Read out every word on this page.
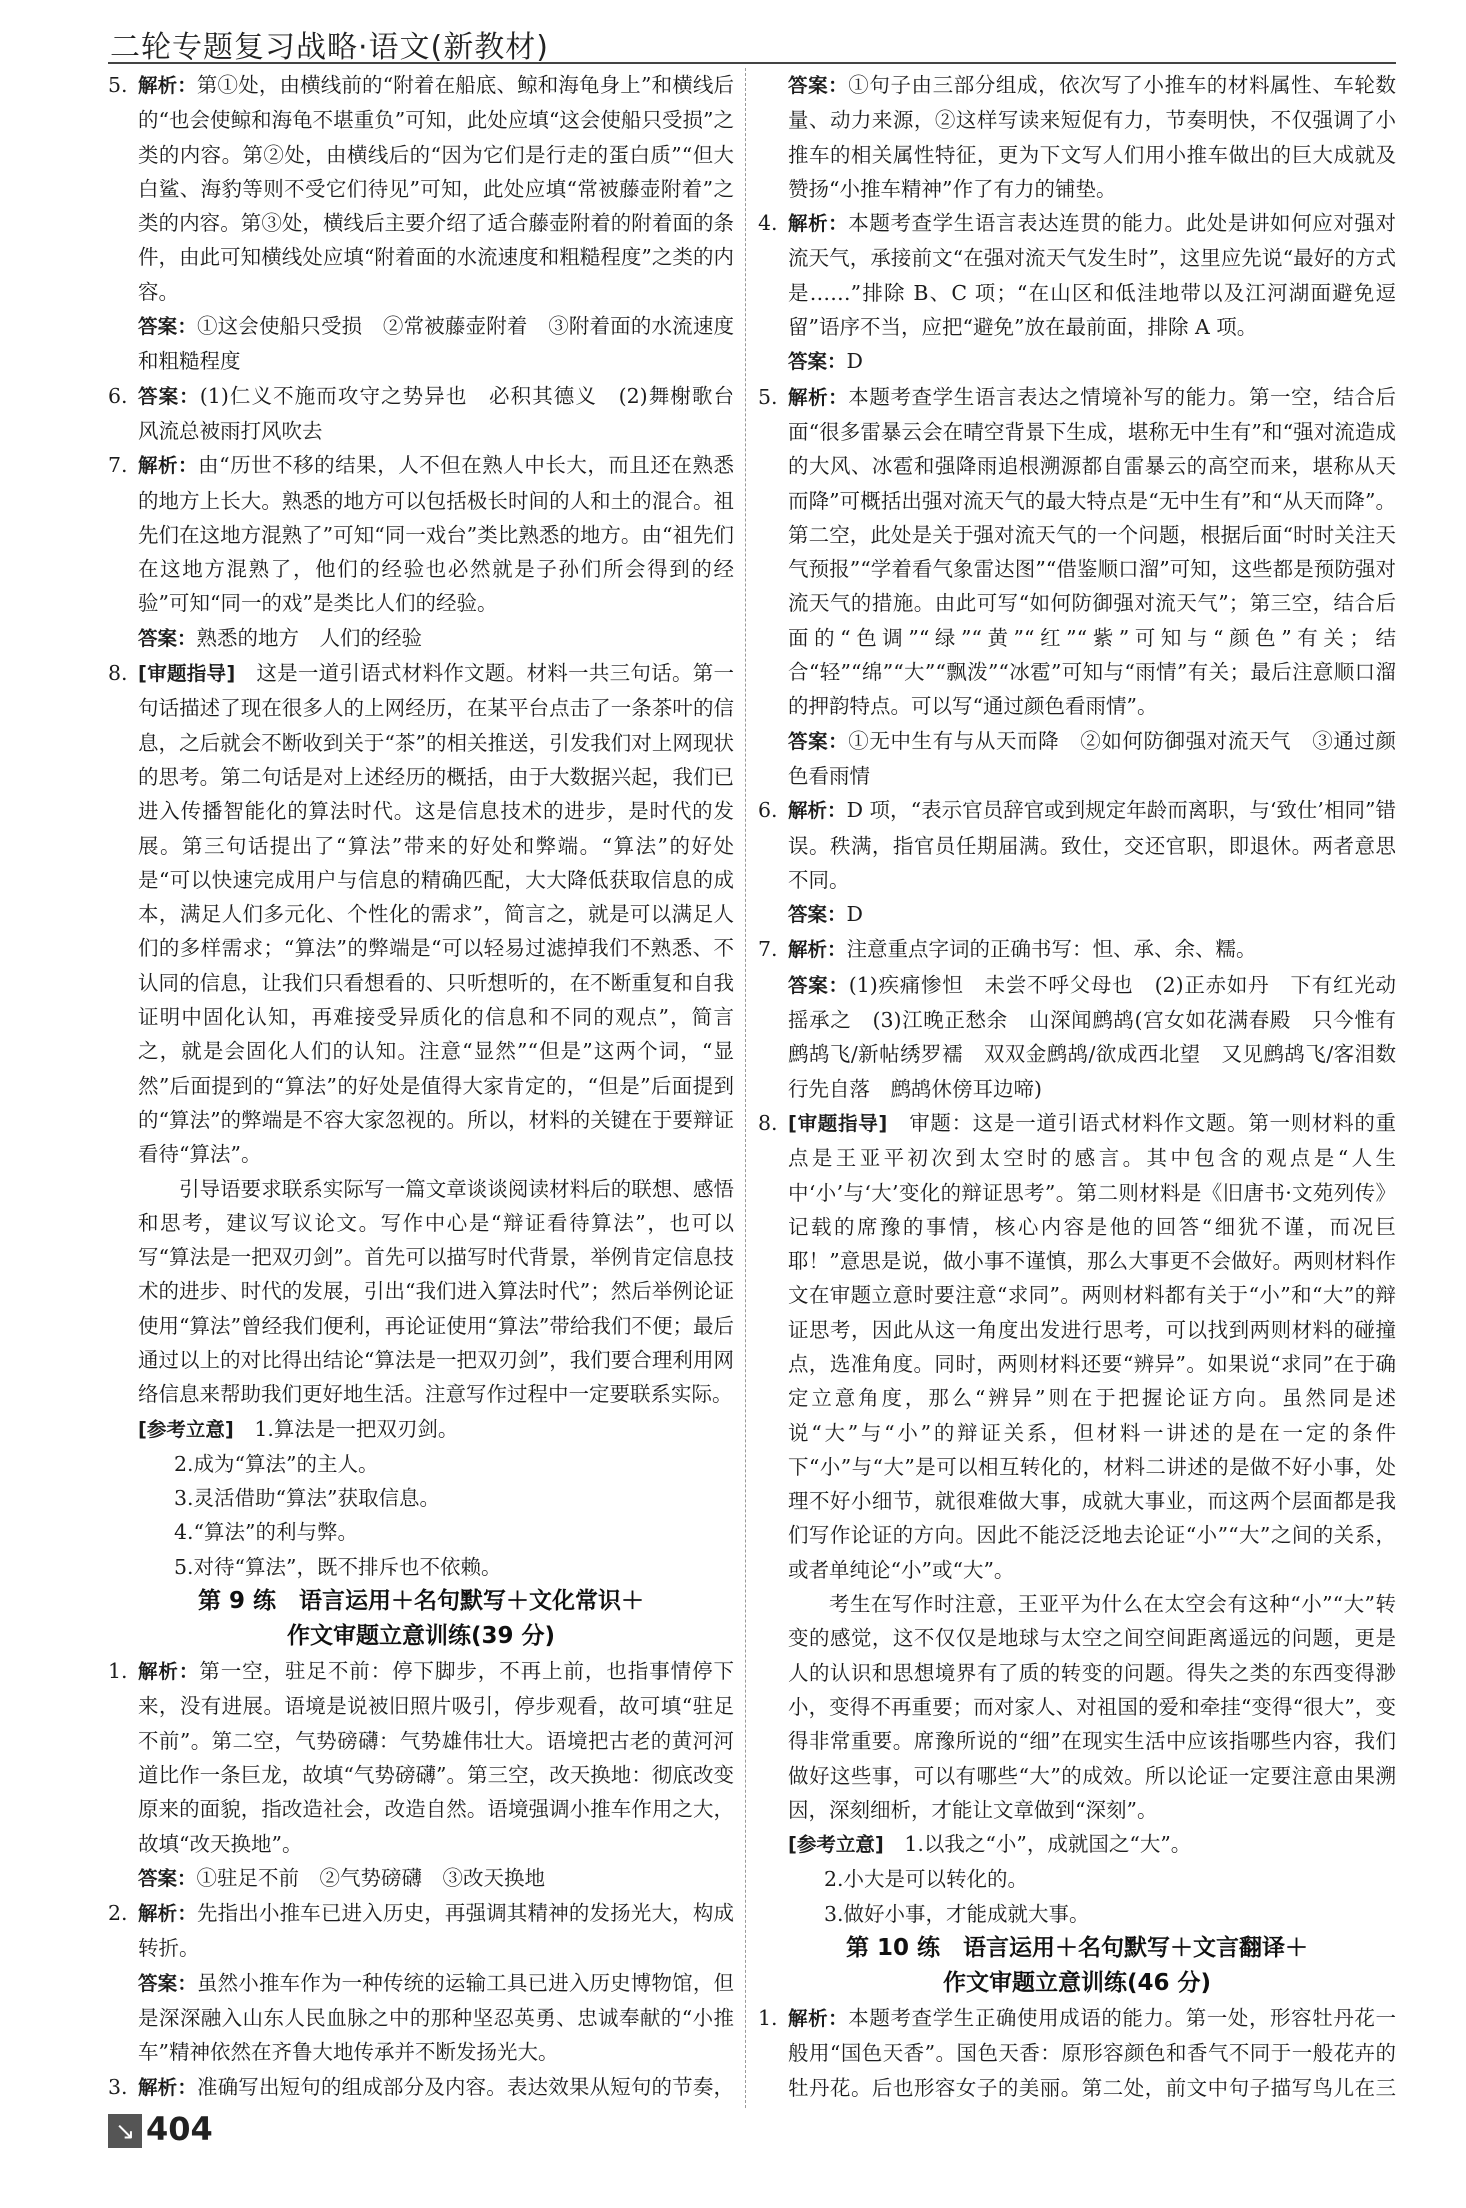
二轮专题复习战略·语文(新教材)
5. 解析：第①处，由横线前的“附着在船底、鲸和海龟身上”和横线后的“也会使鲸和海龟不堪重负”可知，此处应填“这会使船只受损”之类的内容。第②处，由横线后的“因为它们是行走的蛋白质”“但大白鲨、海豹等则不受它们待见”可知，此处应填“常被藤壶附着”之类的内容。第③处，横线后主要介绍了适合藤壶附着的附着面的条件，由此可知横线处应填“附着面的水流速度和粗糙程度”之类的内容。
答案：①这会使船只受损　②常被藤壶附着　③附着面的水流速度和粗糙程度
6. 答案：(1)仁义不施而攻守之势异也　必积其德义　(2)舞榭歌台　风流总被雨打风吹去
7. 解析：由“历世不移的结果，人不但在熟人中长大，而且还在熟悉的地方上长大。熟悉的地方可以包括极长时间的人和土的混合。祖先们在这地方混熟了”可知“同一戏台”类比熟悉的地方。由“祖先们在这地方混熟了，他们的经验也必然就是子孙们所会得到的经验”可知“同一的戏”是类比人们的经验。
答案：熟悉的地方　人们的经验
8. [审题指导]　 这是一道引语式材料作文题。材料一共三句话。第一句话描述了现在很多人的上网经历，在某平台点击了一条茶叶的信息，之后就会不断收到关于“茶”的相关推送，引发我们对上网现状的思考。第二句话是对上述经历的概括，由于大数据兴起，我们已进入传播智能化的算法时代。这是信息技术的进步，是时代的发展。第三句话提出了“算法”带来的好处和弊端。“算法”的好处是“可以快速完成用户与信息的精确匹配，大大降低获取信息的成本，满足人们多元化、个性化的需求”，简言之，就是可以满足人们的多样需求；“算法”的弊端是“可以轻易过滤掉我们不熟悉、不认同的信息，让我们只看想看的、只听想听的，在不断重复和自我证明中固化认知，再难接受异质化的信息和不同的观点”，简言之，就是会固化人们的认知。注意“显然”“但是”这两个词，“显然”后面提到的“算法”的好处是值得大家肯定的，“但是”后面提到的“算法”的弊端是不容大家忽视的。所以，材料的关键在于要辩证看待“算法”。

引导语要求联系实际写一篇文章谈谈阅读材料后的联想、感悟和思考，建议写议论文。写作中心是“辩证看待算法”，也可以写“算法是一把双刃剑”。首先可以描写时代背景，举例肯定信息技术的进步、时代的发展，引出“我们进入算法时代”；然后举例论证使用“算法”曾经我们便利，再论证使用“算法”带给我们不便；最后通过以上的对比得出结论“算法是一把双刃剑”，我们要合理利用网络信息来帮助我们更好地生活。注意写作过程中一定要联系实际。

[参考立意]　 1.算法是一把双刃剑。

2.成为“算法”的主人。

3.灵活借助“算法”获取信息。

4.“算法”的利与弊。

5.对待“算法”，既不排斥也不依赖。

第 9 练　语言运用＋名句默写＋文化常识＋

作文审题立意训练(39 分)

1. 解析：第一空，驻足不前：停下脚步，不再上前，也指事情停下来，没有进展。语境是说被旧照片吸引，停步观看，故可填“驻足不前”。第二空，气势磅礴：气势雄伟壮大。语境把古老的黄河河道比作一条巨龙，故填“气势磅礴”。第三空，改天换地：彻底改变原来的面貌，指改造社会，改造自然。语境强调小推车作用之大，故填“改天换地”。
答案：①驻足不前　②气势磅礴　③改天换地
2. 解析：先指出小推车已进入历史，再强调其精神的发扬光大，构成转折。
答案：虽然小推车作为一种传统的运输工具已进入历史博物馆，但是深深融入山东人民血脉之中的那种坚忍英勇、忠诚奉献的“小推车”精神依然在齐鲁大地传承并不断发扬光大。
3. 解析：准确写出短句的组成部分及内容。表达效果从短句的节奏，
答案：①句子由三部分组成，依次写了小推车的材料属性、车轮数量、动力来源，②这样写读来短促有力，节奏明快，不仅强调了小推车的相关属性特征，更为下文写人们用小推车做出的巨大成就及赞扬“小推车精神”作了有力的铺垫。
4. 解析：本题考查学生语言表达连贯的能力。此处是讲如何应对强对流天气，承接前文“在强对流天气发生时”，这里应先说“最好的方式是……”排除 B、C 项；“在山区和低洼地带以及江河湖面避免逗留”语序不当，应把“避免”放在最前面，排除 A 项。
答案：D
5. 解析：本题考查学生语言表达之情境补写的能力。第一空，结合后面“很多雷暴云会在晴空背景下生成，堪称无中生有”和“强对流造成的大风、冰雹和强降雨追根溯源都自雷暴云的高空而来，堪称从天而降”可概括出强对流天气的最大特点是“无中生有”和“从天而降”。第二空，此处是关于强对流天气的一个问题，根据后面“时时关注天气预报”“学着看气象雷达图”“借鉴顺口溜”可知，这些都是预防强对流天气的措施。由此可写“如何防御强对流天气”；第三空，结合后面的“色调”“绿”“黄”“红”“紫”可知与“颜色”有关；结合“轻”“绵”“大”“飘泼”“冰雹”可知与“雨情”有关；最后注意顺口溜的押韵特点。可以写“通过颜色看雨情”。
答案：①无中生有与从天而降　②如何防御强对流天气　③通过颜色看雨情
6. 解析：D 项，“表示官员辞官或到规定年龄而离职，与‘致仕’相同”错误。秩满，指官员任期届满。致仕，交还官职，即退休。两者意思不同。
答案：D
7. 解析：注意重点字词的正确书写：怛、承、余、糯。
答案：(1)疾痛惨怛　未尝不呼父母也　(2)正赤如丹　下有红光动摇承之　(3)江晚正愁余　山深闻鹧鸪(宫女如花满春殿　只今惟有鹧鸪飞/新帖绣罗襦　双双金鹧鸪/欲成西北望　又见鹧鸪飞/客泪数行先自落　鹧鸪休傍耳边啼)
8. [审题指导]　 审题：这是一道引语式材料作文题。第一则材料的重点是王亚平初次到太空时的感言。其中包含的观点是“人生中‘小’与‘大’变化的辩证思考”。第二则材料是《旧唐书·文苑列传》记载的席豫的事情，核心内容是他的回答“细犹不谨，而况巨耶！”意思是说，做小事不谨慎，那么大事更不会做好。两则材料作文在审题立意时要注意“求同”。两则材料都有关于“小”和“大”的辩证思考，因此从这一角度出发进行思考，可以找到两则材料的碰撞点，选准角度。同时，两则材料还要“辨异”。如果说“求同”在于确定立意角度，那么“辨异”则在于把握论证方向。虽然同是述说“大”与“小”的辩证关系，但材料一讲述的是在一定的条件下“小”与“大”是可以相互转化的，材料二讲述的是做不好小事，处理不好小细节，就很难做大事，成就大事业，而这两个层面都是我们写作论证的方向。因此不能泛泛地去论证“小”“大”之间的关系，或者单纯论“小”或“大”。

考生在写作时注意，王亚平为什么在太空会有这种“小”“大”转变的感觉，这不仅仅是地球与太空之间空间距离遥远的问题，更是人的认识和思想境界有了质的转变的问题。得失之类的东西变得渺小，变得不再重要；而对家人、对祖国的爱和牵挂“变得“很大”，变得非常重要。席豫所说的“细”在现实生活中应该指哪些内容，我们做好这些事，可以有哪些“大”的成效。所以论证一定要注意由果溯因，深刻细析，才能让文章做到“深刻”。

[参考立意]　 1.以我之“小”，成就国之“大”。

2.小大是可以转化的。

3.做好小事，才能成就大事。

第 10 练　语言运用＋名句默写＋文言翻译＋

作文审题立意训练(46 分)

1. 解析：本题考查学生正确使用成语的能力。第一处，形容牡丹花一般用“国色天香”。国色天香：原形容颜色和香气不同于一般花卉的牡丹花。后也形容女子的美丽。第二处，前文中句子描写鸟儿在三
↘ 404
